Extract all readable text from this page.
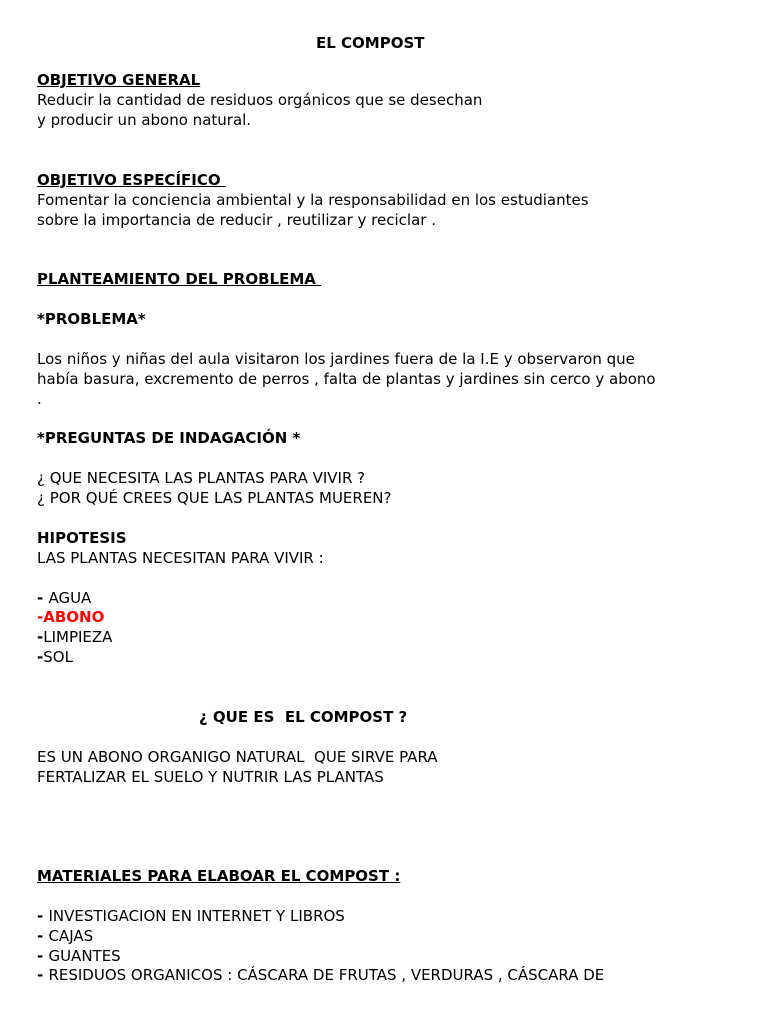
EL COMPOST
OBJETIVO GENERAL
Reducir la cantidad de residuos orgánicos que se desechan
y producir un abono natural.
OBJETIVO ESPECÍFICO
Fomentar la conciencia ambiental y la responsabilidad en los estudiantes
sobre la importancia de reducir , reutilizar y reciclar .
PLANTEAMIENTO DEL PROBLEMA
*PROBLEMA*
Los niños y niñas del aula visitaron los jardines fuera de la I.E y observaron que
había basura, excremento de perros , falta de plantas y jardines sin cerco y abono
.
*PREGUNTAS DE INDAGACIÓN *
¿ QUE NECESITA LAS PLANTAS PARA VIVIR ?
¿ POR QUÉ CREES QUE LAS PLANTAS MUEREN?
HIPOTESIS
LAS PLANTAS NECESITAN PARA VIVIR :
- AGUA
-ABONO
-LIMPIEZA
-SOL
¿ QUE ES  EL COMPOST ?
ES UN ABONO ORGANIGO NATURAL  QUE SIRVE PARA
FERTALIZAR EL SUELO Y NUTRIR LAS PLANTAS
MATERIALES PARA ELABOAR EL COMPOST :
- INVESTIGACION EN INTERNET Y LIBROS
- CAJAS
- GUANTES
- RESIDUOS ORGANICOS : CÁSCARA DE FRUTAS , VERDURAS , CÁSCARA DE
